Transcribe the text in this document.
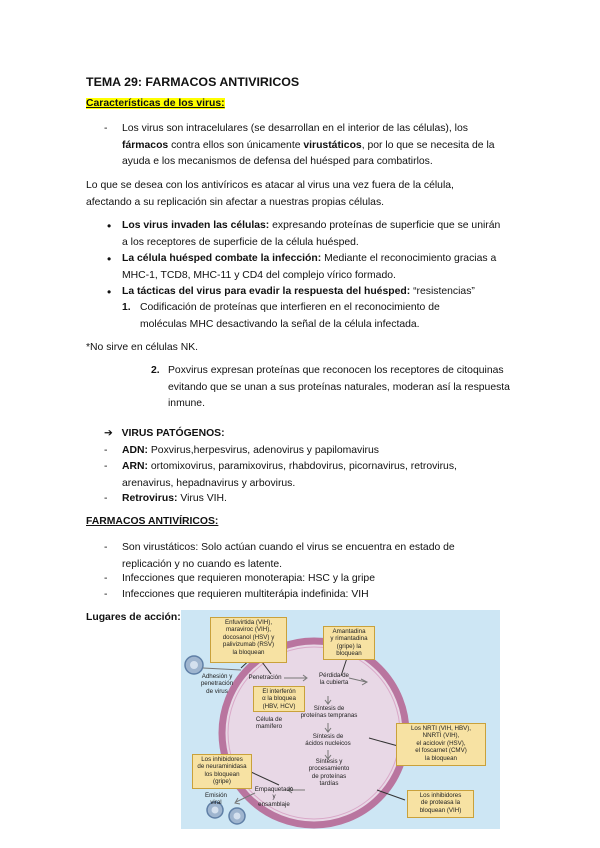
TEMA 29: FARMACOS ANTIVIRICOS
Características de los virus:
-	Los virus son intracelulares (se desarrollan en el interior de las células), los
fármacos contra ellos son únicamente virustáticos, por lo que se necesita de la
ayuda e los mecanismos de defensa del huésped para combatirlos.
Lo que se desea con los antivíricos es atacar al virus una vez fuera de la célula,
afectando a su replicación sin afectar a nuestras propias células.
•	Los virus invaden las células: expresando proteínas de superficie que se unirán
a los receptores de superficie de la célula huésped.
•	La célula huésped combate la infección: Mediante el reconocimiento gracias a
MHC-1, TCD8, MHC-11 y CD4 del complejo vírico formado.
•	La tácticas del virus para evadir la respuesta del huésped: “resistencias”
1. Codificación de proteínas que interfieren en el reconocimiento de
moléculas MHC desactivando la señal de la célula infectada.
*No sirve en células NK.
2. Poxvirus expresan proteínas que reconocen los receptores de citoquinas
evitando que se unan a sus proteínas naturales, moderan así la respuesta
inmune.
➔ VIRUS PATÓGENOS:
-	ADN: Poxvirus,herpesvirus, adenovirus y papilomavirus
-	ARN: ortomixovirus, paramixovirus, rhabdovirus, picornavirus, retrovirus,
arenavirus, hepadnavirus y arbovirus.
-	Retrovirus: Virus VIH.
FARMACOS ANTIVÍRICOS:
-	Son virustáticos: Solo actúan cuando el virus se encuentra en estado de
replicación y no cuando es latente.
-	Infecciones que requieren monoterapia: HSC y la gripe
-	Infecciones que requieren multiterápia indefinida: VIH
Lugares de acción:	Enfuvirtida (VIH),
maraviroc (VIH),
docosanol (HSV) y
palivizumab (RSV)
la bloquean
Amantadina
y rimantadina
(gripe) la
bloquean
El interferón
α la bloquea
(HBV, HCV)
Los NRTI (VIH, HBV),
NNRTI (VIH),
el aciclovir (HSV),
el foscarnet (CMV)
la bloquean
Los inhibidores
de neuraminidasa
los bloquean
(gripe)
Los inhibidores
de proteasa la
bloquean (VIH)
Adhesión y
penetración
de virus
Penetración	Pérdida de
la cubierta
Síntesis de
proteínas tempranas
Síntesis de
ácidos nucleicos
Célula de
mamífero
Empaquetado
y
ensamblaje
Síntesis y
procesamiento
de proteínas
tardías
Emisión
viral
